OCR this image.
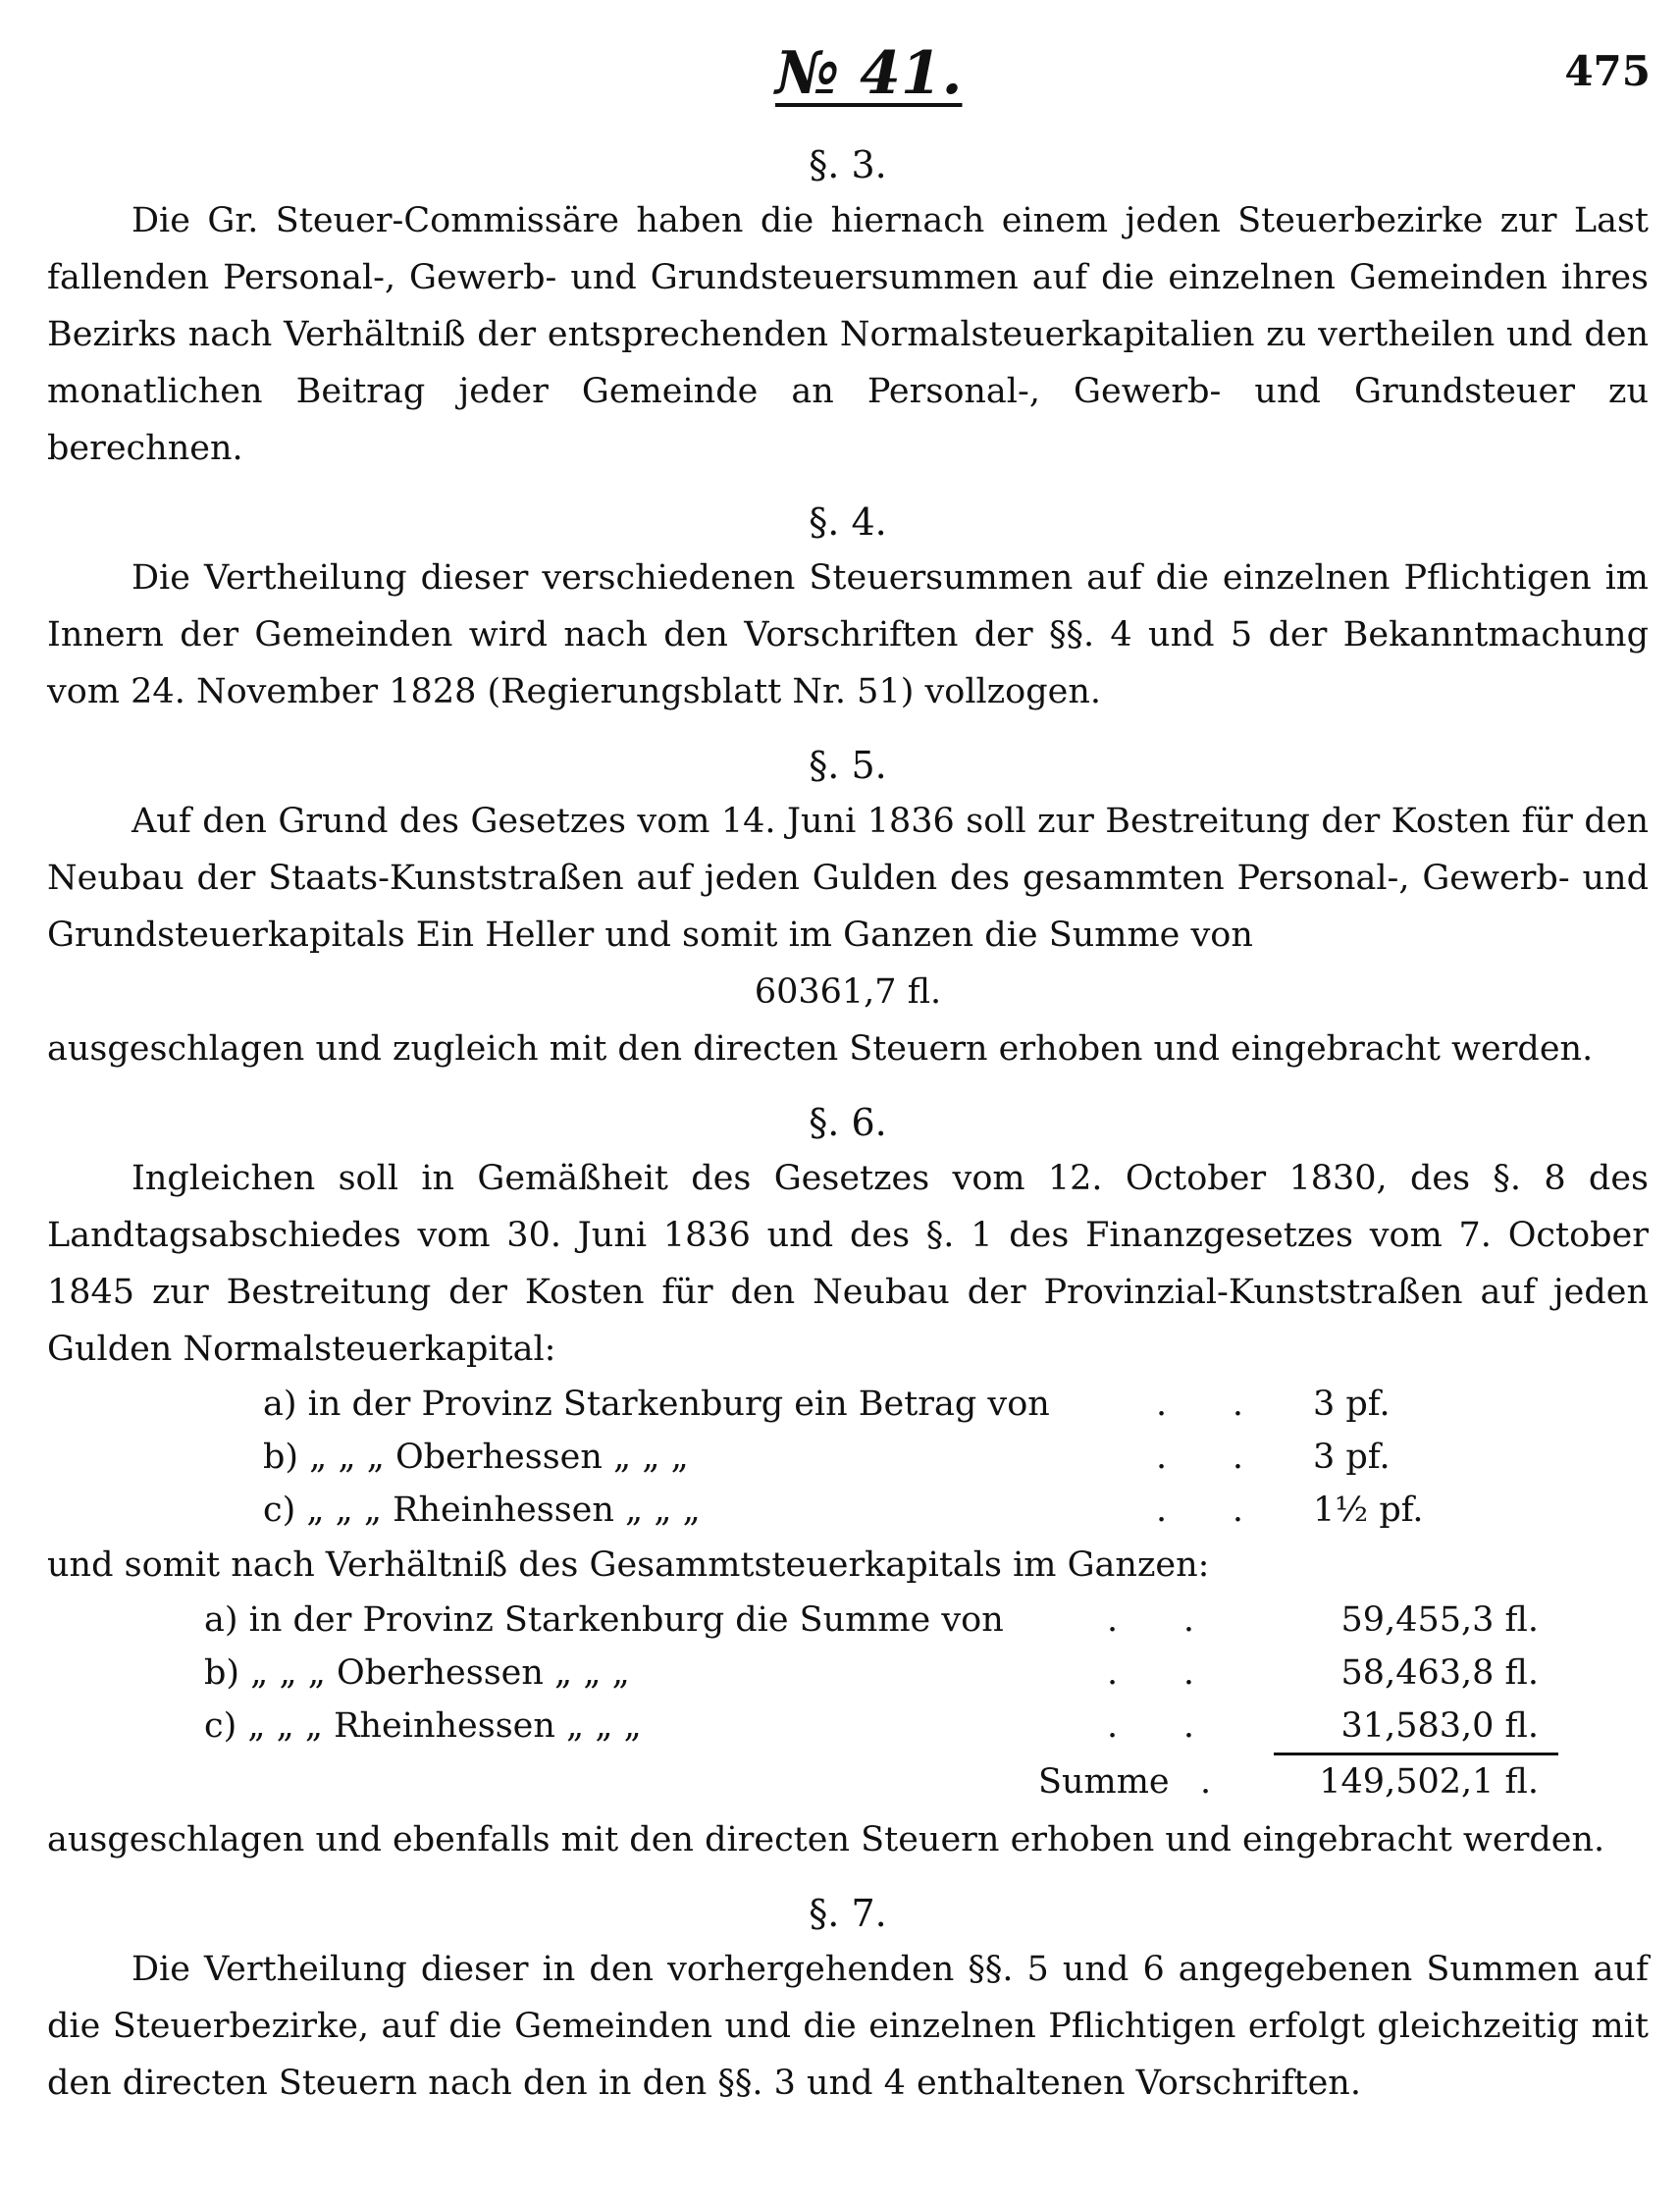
№ 41.	475
§. 3.

Die Gr. Steuer-Commissäre haben die hiernach einem jeden Steuerbezirke zur Last fallenden Personal-, Gewerb- und Grundsteuersummen auf die einzelnen Gemeinden ihres Bezirks nach Verhältniß der entsprechenden Normalsteuerkapitalien zu vertheilen und den monatlichen Beitrag jeder Gemeinde an Personal-, Gewerb- und Grundsteuer zu berechnen.

§. 4.

Die Vertheilung dieser verschiedenen Steuersummen auf die einzelnen Pflichtigen im Innern der Gemeinden wird nach den Vorschriften der §§. 4 und 5 der Bekanntmachung vom 24. November 1828 (Regierungsblatt Nr. 51) vollzogen.

§. 5.

Auf den Grund des Gesetzes vom 14. Juni 1836 soll zur Bestreitung der Kosten für den Neubau der Staats-Kunststraßen auf jeden Gulden des gesammten Personal-, Gewerb- und Grundsteuerkapitals Ein Heller und somit im Ganzen die Summe von

60361,7 fl.
ausgeschlagen und zugleich mit den directen Steuern erhoben und eingebracht werden.
§. 6.

Ingleichen soll in Gemäßheit des Gesetzes vom 12. October 1830, des §. 8 des Landtagsabschiedes vom 30. Juni 1836 und des §. 1 des Finanzgesetzes vom 7. October 1845 zur Bestreitung der Kosten für den Neubau der Provinzial-Kunststraßen auf jeden Gulden Normalsteuerkapital:

a) in der Provinz Starkenburg ein Betrag von	.      . 3 pf.
b) „ „ „ Oberhessen „ „ „	.      . 3 pf.
c) „ „ „ Rheinhessen „ „ „	.      . 1½ pf.
und somit nach Verhältniß des Gesammtsteuerkapitals im Ganzen:
a) in der Provinz Starkenburg die Summe von	.      .	59,455,3 fl.
b) „ „ „ Oberhessen „ „ „	.      .	58,463,8 fl.
c) „ „ „ Rheinhessen „ „ „	.      .	31,583,0 fl.
Summe .	149,502,1 fl.
ausgeschlagen und ebenfalls mit den directen Steuern erhoben und eingebracht werden.
§. 7.

Die Vertheilung dieser in den vorhergehenden §§. 5 und 6 angegebenen Summen auf die Steuerbezirke, auf die Gemeinden und die einzelnen Pflichtigen erfolgt gleichzeitig mit den directen Steuern nach den in den §§. 3 und 4 enthaltenen Vorschriften.
